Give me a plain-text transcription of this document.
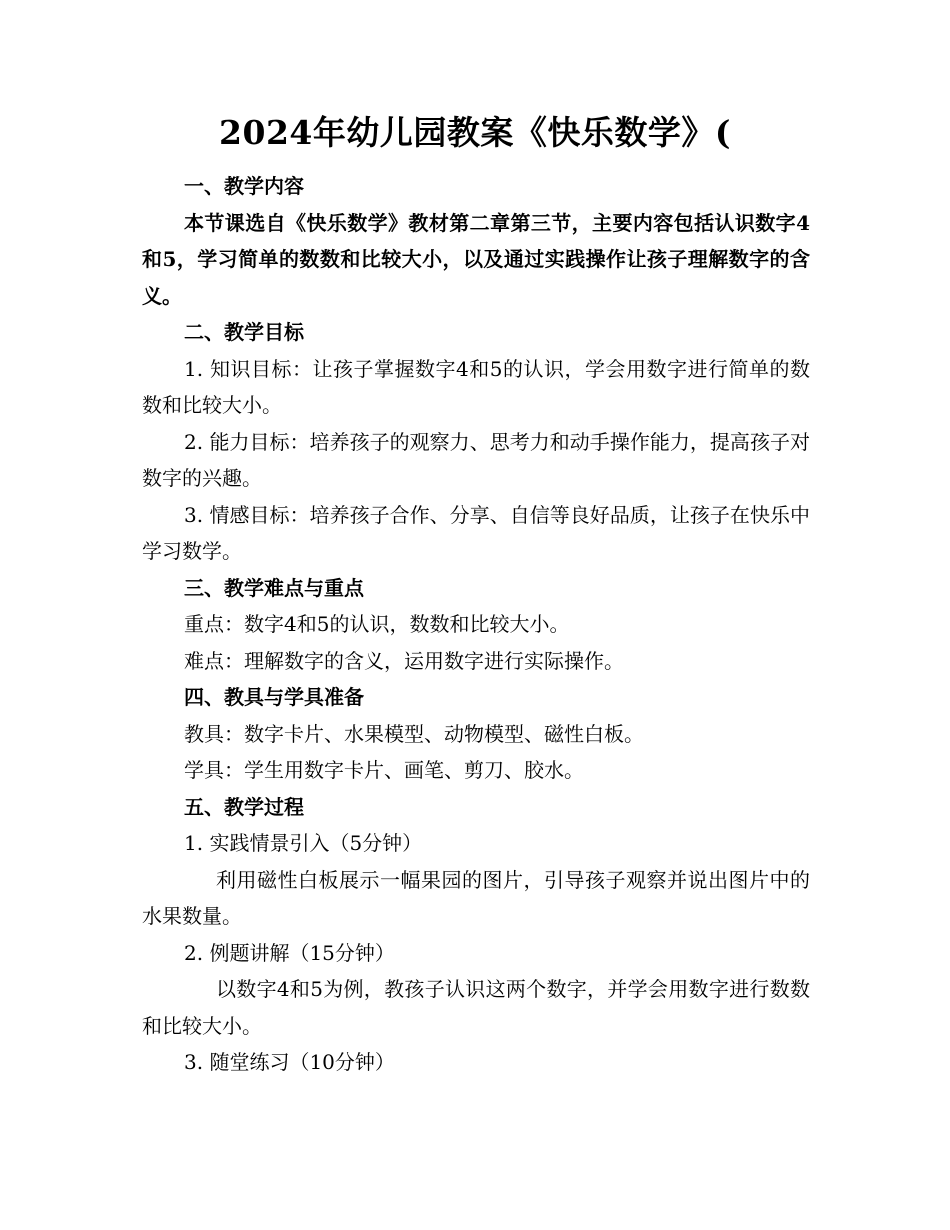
2024年幼儿园教案《快乐数学》(

一、教学内容

本节课选自《快乐数学》教材第二章第三节，主要内容包括认识数字4和5，学习简单的数数和比较大小，以及通过实践操作让孩子理解数字的含义。

二、教学目标

1. 知识目标：让孩子掌握数字4和5的认识，学会用数字进行简单的数数和比较大小。

2. 能力目标：培养孩子的观察力、思考力和动手操作能力，提高孩子对数字的兴趣。

3. 情感目标：培养孩子合作、分享、自信等良好品质，让孩子在快乐中学习数学。

三、教学难点与重点

重点：数字4和5的认识，数数和比较大小。

难点：理解数字的含义，运用数字进行实际操作。

四、教具与学具准备

教具：数字卡片、水果模型、动物模型、磁性白板。

学具：学生用数字卡片、画笔、剪刀、胶水。

五、教学过程

1. 实践情景引入（5分钟）

利用磁性白板展示一幅果园的图片，引导孩子观察并说出图片中的水果数量。

2. 例题讲解（15分钟）

以数字4和5为例，教孩子认识这两个数字，并学会用数字进行数数和比较大小。

3. 随堂练习（10分钟）
